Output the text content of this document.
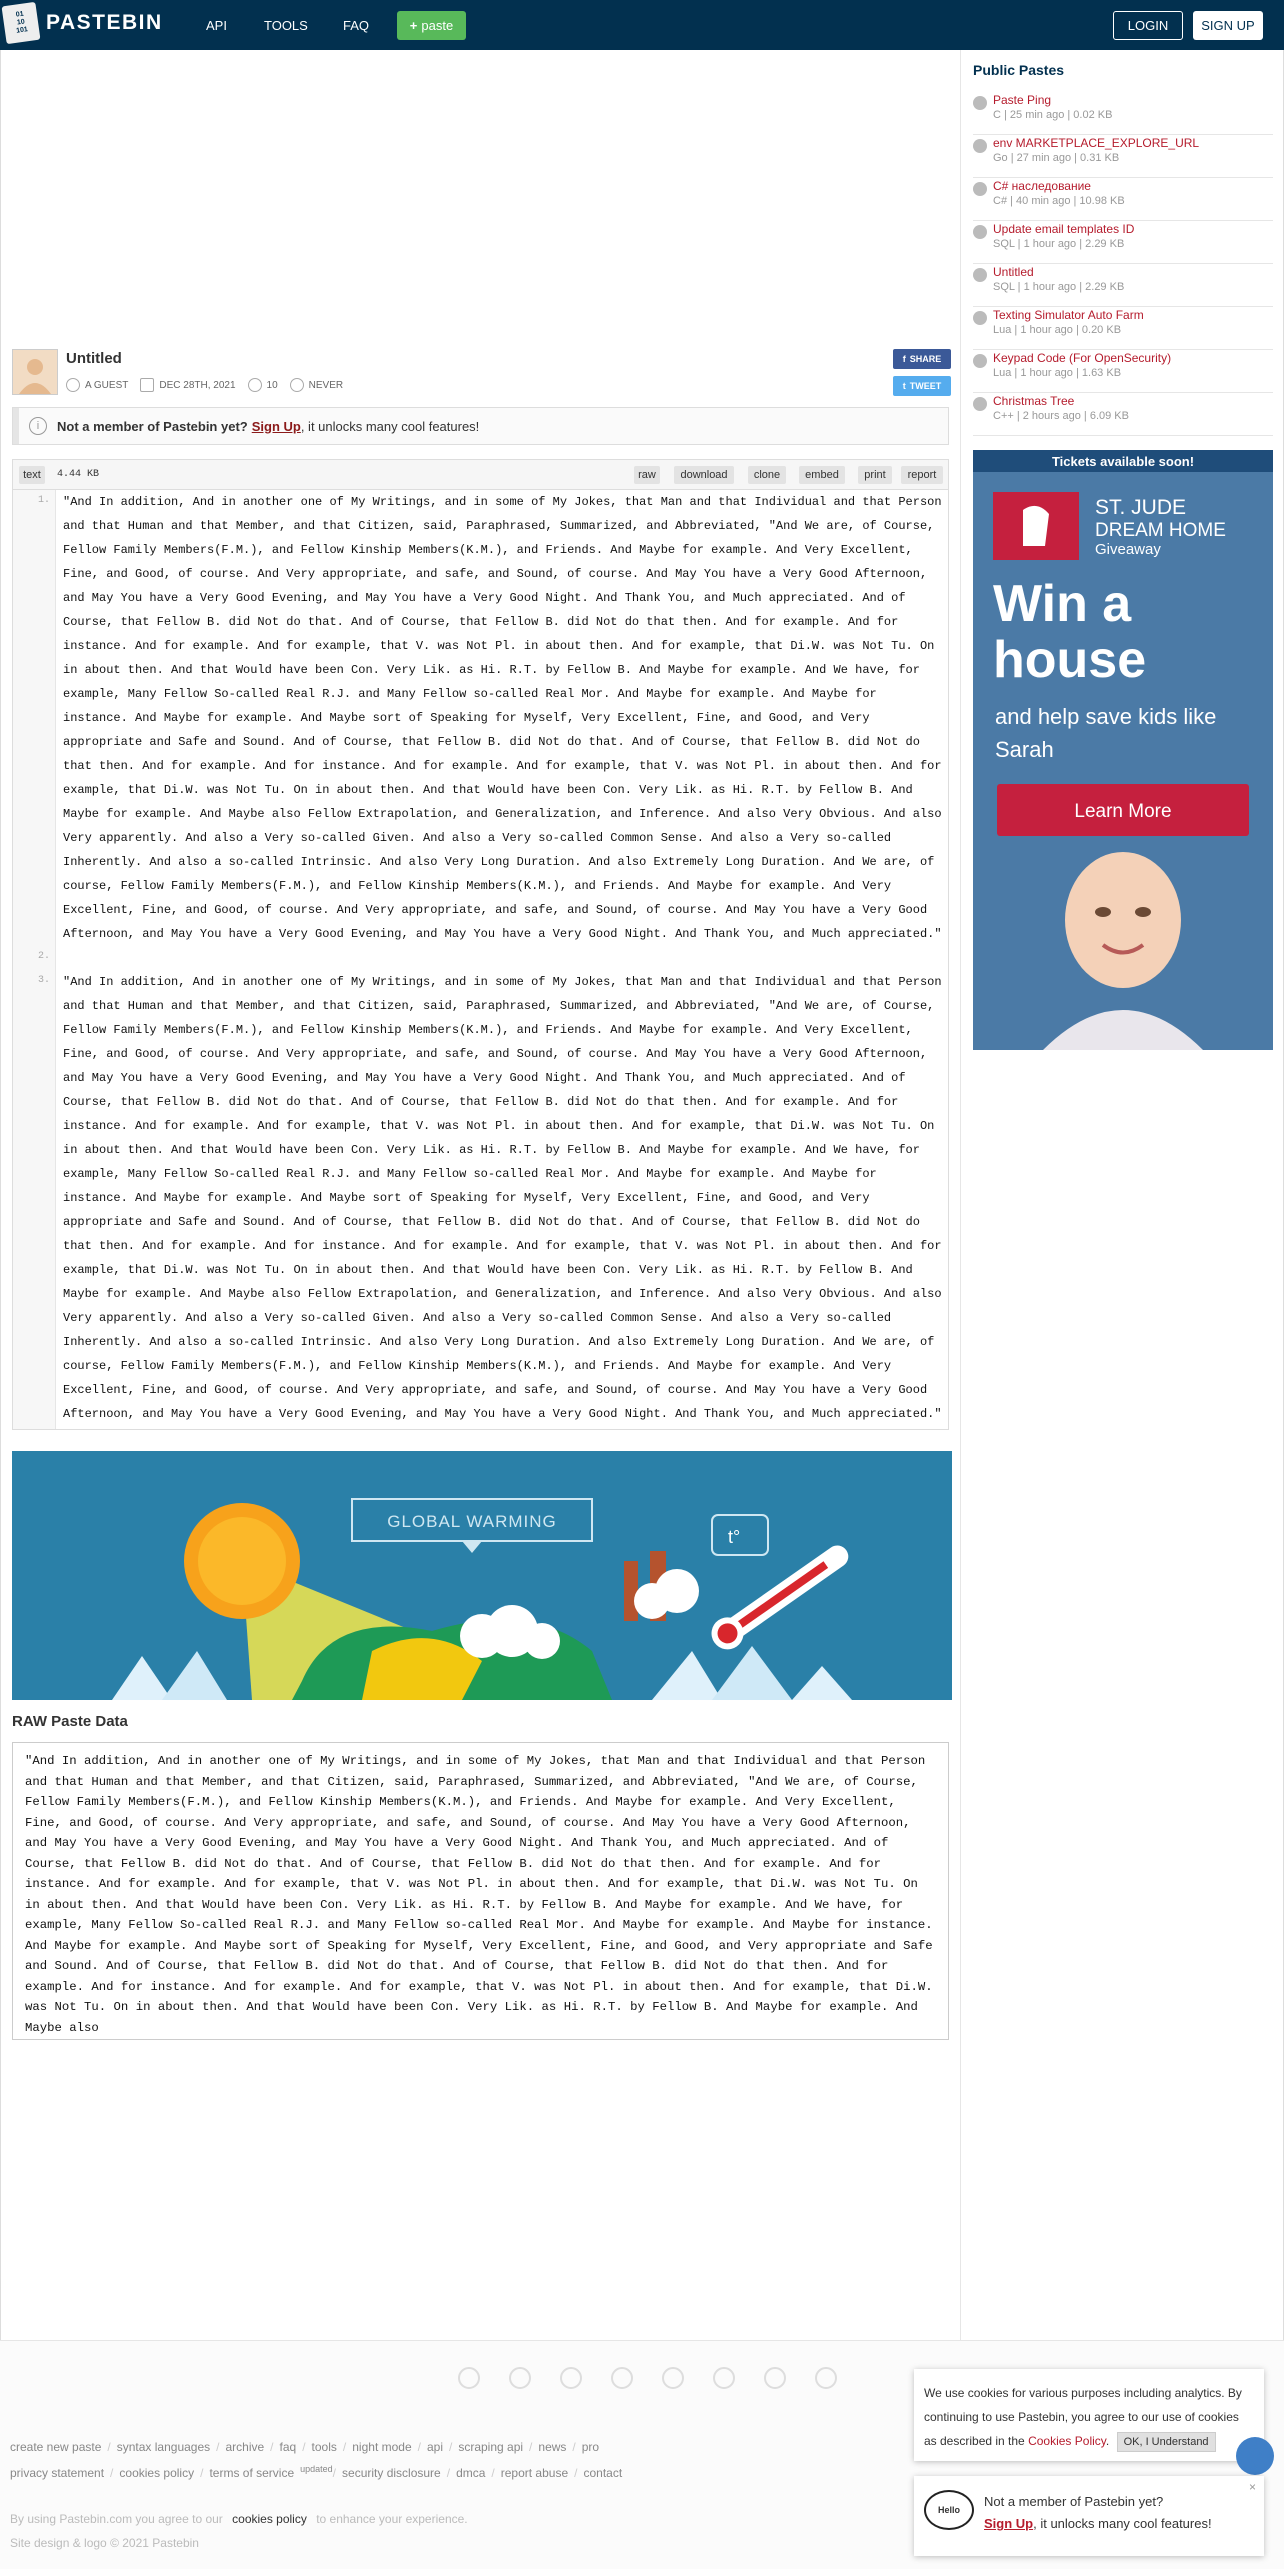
01
10
101 PASTEBIN	API	TOOLS	FAQ	+ paste	LOGIN	SIGN UP
Untitled
A GUEST	DEC 28TH, 2021	10	NEVER
f SHARE
t TWEET
i	Not a member of Pastebin yet? Sign Up , it unlocks many cool features!
text	4.44 KB	raw	download	clone	embed	print	report
1.
2.
3.
"And In addition, And in another one of My Writings, and in some of My Jokes, that Man and that Individual and that Person and that Human and that Member, and that Citizen, said, Paraphrased, Summarized, and Abbreviated, "And We are, of Course, Fellow Family Members(F.M.), and Fellow Kinship Members(K.M.), and Friends. And Maybe for example. And Very Excellent, Fine, and Good, of course. And Very appropriate, and safe, and Sound, of course. And May You have a Very Good Afternoon, and May You have a Very Good Evening, and May You have a Very Good Night. And Thank You, and Much appreciated. And of Course, that Fellow B. did Not do that. And of Course, that Fellow B. did Not do that then. And for example. And for instance. And for example. And for example, that V. was Not Pl. in about then. And for example, that Di.W. was Not Tu. On in about then. And that Would have been Con. Very Lik. as Hi. R.T. by Fellow B. And Maybe for example. And We have, for example, Many Fellow So-called Real R.J. and Many Fellow so-called Real Mor. And Maybe for example. And Maybe for instance. And Maybe for example. And Maybe sort of Speaking for Myself, Very Excellent, Fine, and Good, and Very appropriate and Safe and Sound. And of Course, that Fellow B. did Not do that. And of Course, that Fellow B. did Not do that then. And for example. And for instance. And for example. And for example, that V. was Not Pl. in about then. And for example, that Di.W. was Not Tu. On in about then. And that Would have been Con. Very Lik. as Hi. R.T. by Fellow B. And Maybe for example. And Maybe also Fellow Extrapolation, and Generalization, and Inference. And also Very Obvious. And also Very apparently. And also a Very so-called Given. And also a Very so-called Common Sense. And also a Very so-called Inherently. And also a so-called Intrinsic. And also Very Long Duration. And also Extremely Long Duration. And We are, of course, Fellow Family Members(F.M.), and Fellow Kinship Members(K.M.), and Friends. And Maybe for example. And Very Excellent, Fine, and Good, of course. And Very appropriate, and safe, and Sound, of course. And May You have a Very Good Afternoon, and May You have a Very Good Evening, and May You have a Very Good Night. And Thank You, and Much appreciated."
"And In addition, And in another one of My Writings, and in some of My Jokes, that Man and that Individual and that Person and that Human and that Member, and that Citizen, said, Paraphrased, Summarized, and Abbreviated, "And We are, of Course, Fellow Family Members(F.M.), and Fellow Kinship Members(K.M.), and Friends. And Maybe for example. And Very Excellent, Fine, and Good, of course. And Very appropriate, and safe, and Sound, of course. And May You have a Very Good Afternoon, and May You have a Very Good Evening, and May You have a Very Good Night. And Thank You, and Much appreciated. And of Course, that Fellow B. did Not do that. And of Course, that Fellow B. did Not do that then. And for example. And for instance. And for example. And for example, that V. was Not Pl. in about then. And for example, that Di.W. was Not Tu. On in about then. And that Would have been Con. Very Lik. as Hi. R.T. by Fellow B. And Maybe for example. And We have, for example, Many Fellow So-called Real R.J. and Many Fellow so-called Real Mor. And Maybe for example. And Maybe for instance. And Maybe for example. And Maybe sort of Speaking for Myself, Very Excellent, Fine, and Good, and Very appropriate and Safe and Sound. And of Course, that Fellow B. did Not do that. And of Course, that Fellow B. did Not do that then. And for example. And for instance. And for example. And for example, that V. was Not Pl. in about then. And for example, that Di.W. was Not Tu. On in about then. And that Would have been Con. Very Lik. as Hi. R.T. by Fellow B. And Maybe for example. And Maybe also Fellow Extrapolation, and Generalization, and Inference. And also Very Obvious. And also Very apparently. And also a Very so-called Given. And also a Very so-called Common Sense. And also a Very so-called Inherently. And also a so-called Intrinsic. And also Very Long Duration. And also Extremely Long Duration. And We are, of course, Fellow Family Members(F.M.), and Fellow Kinship Members(K.M.), and Friends. And Maybe for example. And Very Excellent, Fine, and Good, of course. And Very appropriate, and safe, and Sound, of course. And May You have a Very Good Afternoon, and May You have a Very Good Evening, and May You have a Very Good Night. And Thank You, and Much appreciated."
GLOBAL WARMING
t°
RAW Paste Data
"And In addition, And in another one of My Writings, and in some of My Jokes, that Man and that Individual and that Person and that Human and that Member, and that Citizen, said, Paraphrased, Summarized, and Abbreviated, "And We are, of Course, Fellow Family Members(F.M.), and Fellow Kinship Members(K.M.), and Friends. And Maybe for example. And Very Excellent, Fine, and Good, of course. And Very appropriate, and safe, and Sound, of course. And May You have a Very Good Afternoon, and May You have a Very Good Evening, and May You have a Very Good Night. And Thank You, and Much appreciated. And of Course, that Fellow B. did Not do that. And of Course, that Fellow B. did Not do that then. And for example. And for instance. And for example. And for example, that V. was Not Pl. in about then. And for example, that Di.W. was Not Tu. On in about then. And that Would have been Con. Very Lik. as Hi. R.T. by Fellow B. And Maybe for example. And We have, for example, Many Fellow So-called Real R.J. and Many Fellow so-called Real Mor. And Maybe for example. And Maybe for instance. And Maybe for example. And Maybe sort of Speaking for Myself, Very Excellent, Fine, and Good, and Very appropriate and Safe and Sound. And of Course, that Fellow B. did Not do that. And of Course, that Fellow B. did Not do that then. And for example. And for instance. And for example. And for example, that V. was Not Pl. in about then. And for example, that Di.W. was Not Tu. On in about then. And that Would have been Con. Very Lik. as Hi. R.T. by Fellow B. And Maybe for example. And Maybe also
Public Pastes
Paste Ping
C | 25 min ago | 0.02 KB
env MARKETPLACE_EXPLORE_URL
Go | 27 min ago | 0.31 KB
C# наследование
C# | 40 min ago | 10.98 KB
Update email templates ID
SQL | 1 hour ago | 2.29 KB
Untitled
SQL | 1 hour ago | 2.29 KB
Texting Simulator Auto Farm
Lua | 1 hour ago | 0.20 KB
Keypad Code (For OpenSecurity)
Lua | 1 hour ago | 1.63 KB
Christmas Tree
C++ | 2 hours ago | 6.09 KB
Tickets available soon!
ST. JUDE
DREAM HOME
Giveaway
Win a house
and help save kids like Sarah
Learn More
create new paste / syntax languages / archive / faq / tools / night mode / api / scraping api / news / pro
privacy statement / cookies policy / terms of service $^{updated}$/ security disclosure / dmca / report abuse / contact
By using Pastebin.com you agree to our cookies policy to enhance your experience.
Site design & logo © 2021 Pastebin
We use cookies for various purposes including analytics. By continuing to use Pastebin, you agree to our use of cookies as described in the Cookies Policy. OK, I Understand
Hello
×
Not a member of Pastebin yet?
Sign Up, it unlocks many cool features!
